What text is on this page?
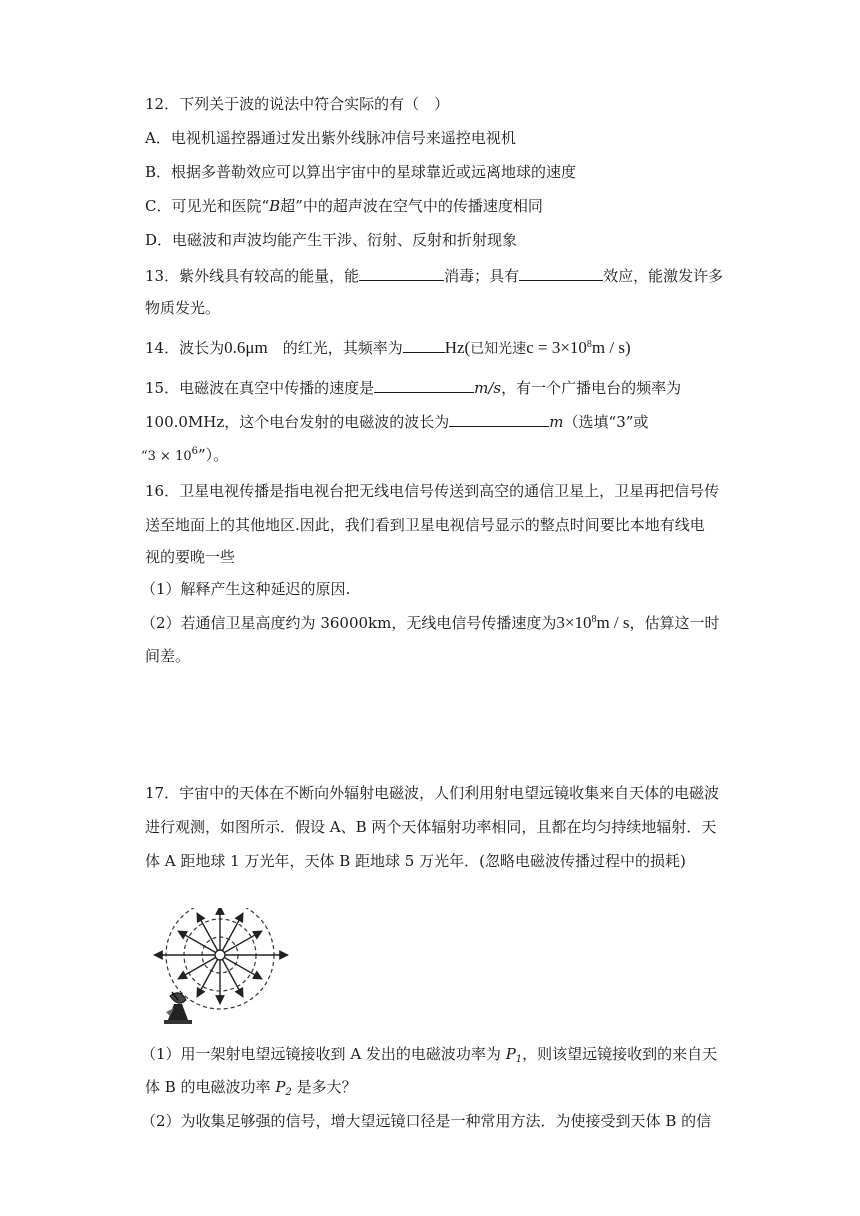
12．下列关于波的说法中符合实际的有（　）
A．电视机遥控器通过发出紫外线脉冲信号来遥控电视机
B．根据多普勒效应可以算出宇宙中的星球靠近或远离地球的速度
C．可见光和医院“B超”中的超声波在空气中的传播速度相同
D．电磁波和声波均能产生干涉、衍射、反射和折射现象
13．紫外线具有较高的能量，能	消毒；具有	效应，能激发许多
物质发光。
14．波长为0.6μm　的红光，其频率为 Hz(已知光速$c = 3\times 10^8m / s$)
15．电磁波在真空中传播的速度是	m/s，有一个广播电台的频率为
100.0MHz，这个电台发射的电磁波的波长为	m（选填“3”或
“$3 \times 10^6$”）。
16．卫星电视传播是指电视台把无线电信号传送到高空的通信卫星上，卫星再把信号传
送至地面上的其他地区.因此，我们看到卫星电视信号显示的整点时间要比本地有线电
视的要晚一些
（1）解释产生这种延迟的原因.
（2）若通信卫星高度约为 36000km，无线电信号传播速度为$3\times 10^8m / s$，估算这一时
间差。
17．宇宙中的天体在不断向外辐射电磁波，人们利用射电望远镜收集来自天体的电磁波
进行观测，如图所示．假设 A、B 两个天体辐射功率相同，且都在均匀持续地辐射．天
体 A 距地球 1 万光年，天体 B 距地球 5 万光年．(忽略电磁波传播过程中的损耗)
（1）用一架射电望远镜接收到 A 发出的电磁波功率为 $P_1$，则该望远镜接收到的来自天
体 B 的电磁波功率 $P_2$ 是多大？
（2）为收集足够强的信号，增大望远镜口径是一种常用方法．为使接受到天体 B 的信
